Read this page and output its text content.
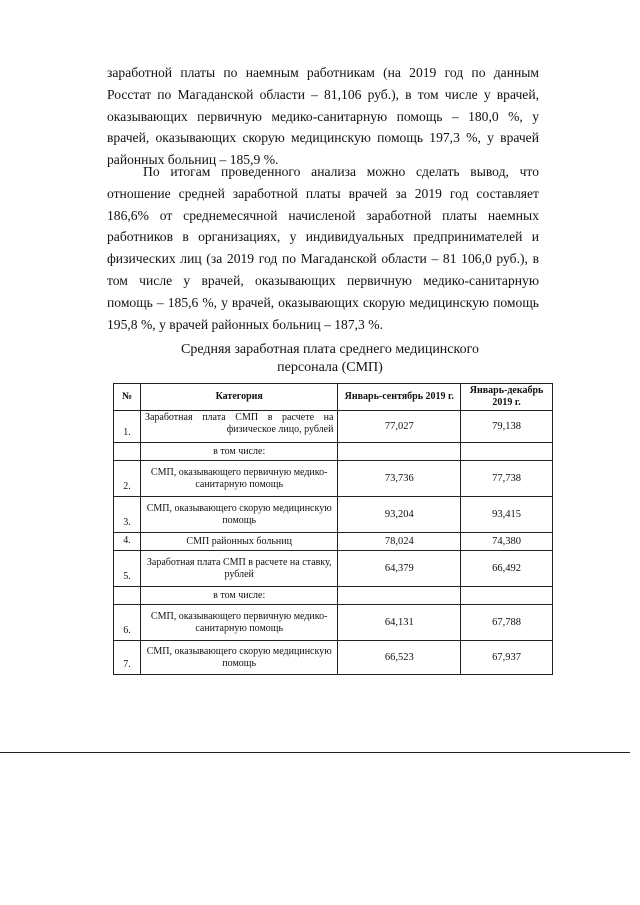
заработной платы по наемным работникам (на 2019 год по данным Росстат по Магаданской области – 81,106 руб.), в том числе у врачей, оказывающих первичную медико-санитарную помощь – 180,0 %, у врачей, оказывающих скорую медицинскую помощь 197,3 %, у врачей районных больниц – 185,9 %.

По итогам проведенного анализа можно сделать вывод, что отношение средней заработной платы врачей за 2019 год составляет 186,6% от среднемесячной начисленой заработной платы наемных работников в организациях, у индивидуальных предпринимателей и физических лиц (за 2019 год по Магаданской области – 81 106,0 руб.), в том числе у врачей, оказывающих первичную медико-санитарную помощь – 185,6 %, у врачей, оказывающих скорую медицинскую помощь 195,8 %, у врачей районных больниц – 187,3 %.

Средняя заработная плата среднего медицинского
персонала (СМП)
№	Категория	Январь-сентябрь 2019 г.	Январь-декабрь 2019 г.
1.	Заработная плата СМП в расчете на физическое лицо, рублей	77,027	79,138
	в том числе:		
2.	СМП, оказывающего первичную медико-санитарную помощь	73,736	77,738
3.	СМП, оказывающего скорую медицинскую помощь	93,204	93,415
4.	СМП районных больниц	78,024	74,380
5.	Заработная плата СМП в расчете на ставку, рублей	64,379	66,492
	в том числе:		
6.	СМП, оказывающего первичную медико-санитарную помощь	64,131	67,788
7.	СМП, оказывающего скорую медицинскую помощь	66,523	67,937
